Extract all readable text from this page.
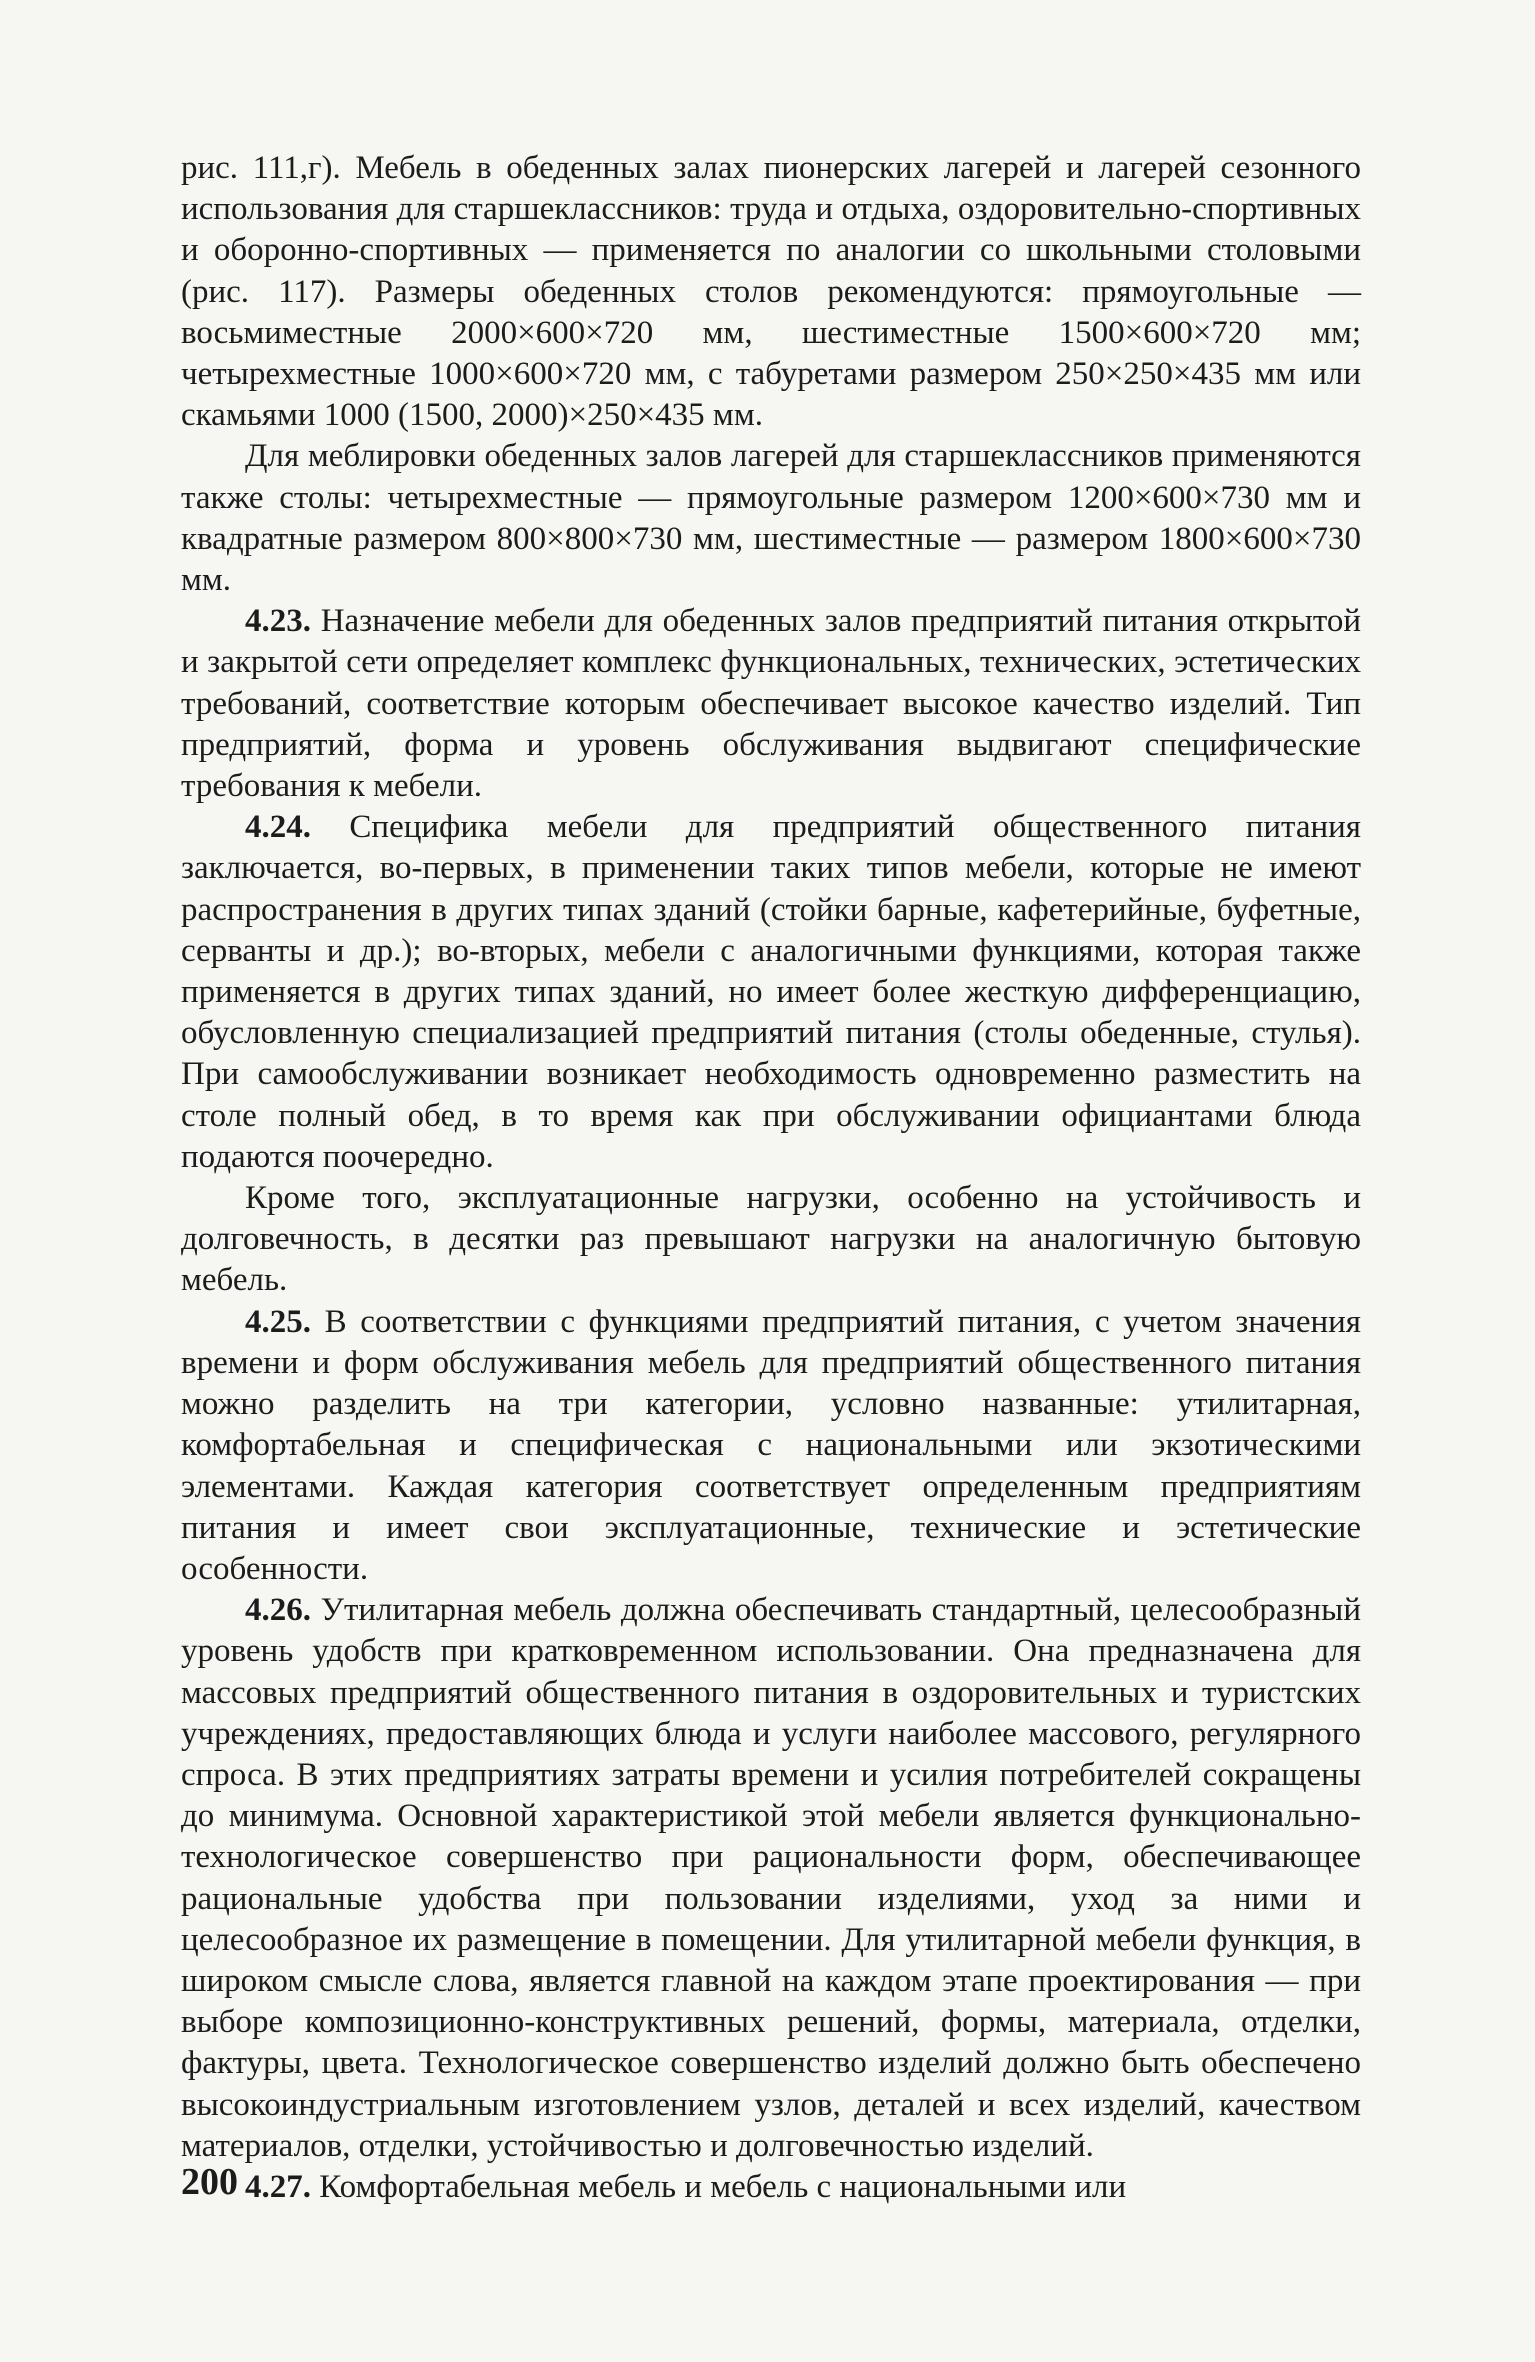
рис. 111,г). Мебель в обеденных залах пионерских лагерей и лагерей сезонного использования для старшеклассников: труда и отдыха, оздоровительно-спортивных и оборонно-спортивных — применяется по аналогии со школьными столовыми (рис. 117). Размеры обеденных столов рекомендуются: прямоугольные — восьмиместные 2000×600×720 мм, шестиместные 1500×600×720 мм; четырехместные 1000×600×720 мм, с табуретами размером 250×250×435 мм или скамьями 1000 (1500, 2000)×250×435 мм.

Для меблировки обеденных залов лагерей для старшеклассников применяются также столы: четырехместные — прямоугольные размером 1200×600×730 мм и квадратные размером 800×800×730 мм, шестиместные — размером 1800×600×730 мм.

4.23. Назначение мебели для обеденных залов предприятий питания открытой и закрытой сети определяет комплекс функциональных, технических, эстетических требований, соответствие которым обеспечивает высокое качество изделий. Тип предприятий, форма и уровень обслуживания выдвигают специфические требования к мебели.

4.24. Специфика мебели для предприятий общественного питания заключается, во-первых, в применении таких типов мебели, которые не имеют распространения в других типах зданий (стойки барные, кафетерийные, буфетные, серванты и др.); во-вторых, мебели с аналогичными функциями, которая также применяется в других типах зданий, но имеет более жесткую дифференциацию, обусловленную специализацией предприятий питания (столы обеденные, стулья). При самообслуживании возникает необходимость одновременно разместить на столе полный обед, в то время как при обслуживании официантами блюда подаются поочередно.

Кроме того, эксплуатационные нагрузки, особенно на устойчивость и долговечность, в десятки раз превышают нагрузки на аналогичную бытовую мебель.

4.25. В соответствии с функциями предприятий питания, с учетом значения времени и форм обслуживания мебель для предприятий общественного питания можно разделить на три категории, условно названные: утилитарная, комфортабельная и специфическая с национальными или экзотическими элементами. Каждая категория соответствует определенным предприятиям питания и имеет свои эксплуатационные, технические и эстетические особенности.

4.26. Утилитарная мебель должна обеспечивать стандартный, целесообразный уровень удобств при кратковременном использовании. Она предназначена для массовых предприятий общественного питания в оздоровительных и туристских учреждениях, предоставляющих блюда и услуги наиболее массового, регулярного спроса. В этих предприятиях затраты времени и усилия потребителей сокращены до минимума. Основной характеристикой этой мебели является функционально-технологическое совершенство при рациональности форм, обеспечивающее рациональные удобства при пользовании изделиями, уход за ними и целесообразное их размещение в помещении. Для утилитарной мебели функция, в широком смысле слова, является главной на каждом этапе проектирования — при выборе композиционно-конструктивных решений, формы, материала, отделки, фактуры, цвета. Технологическое совершенство изделий должно быть обеспечено высокоиндустриальным изготовлением узлов, деталей и всех изделий, качеством материалов, отделки, устойчивостью и долговечностью изделий.

4.27. Комфортабельная мебель и мебель с национальными или

200
